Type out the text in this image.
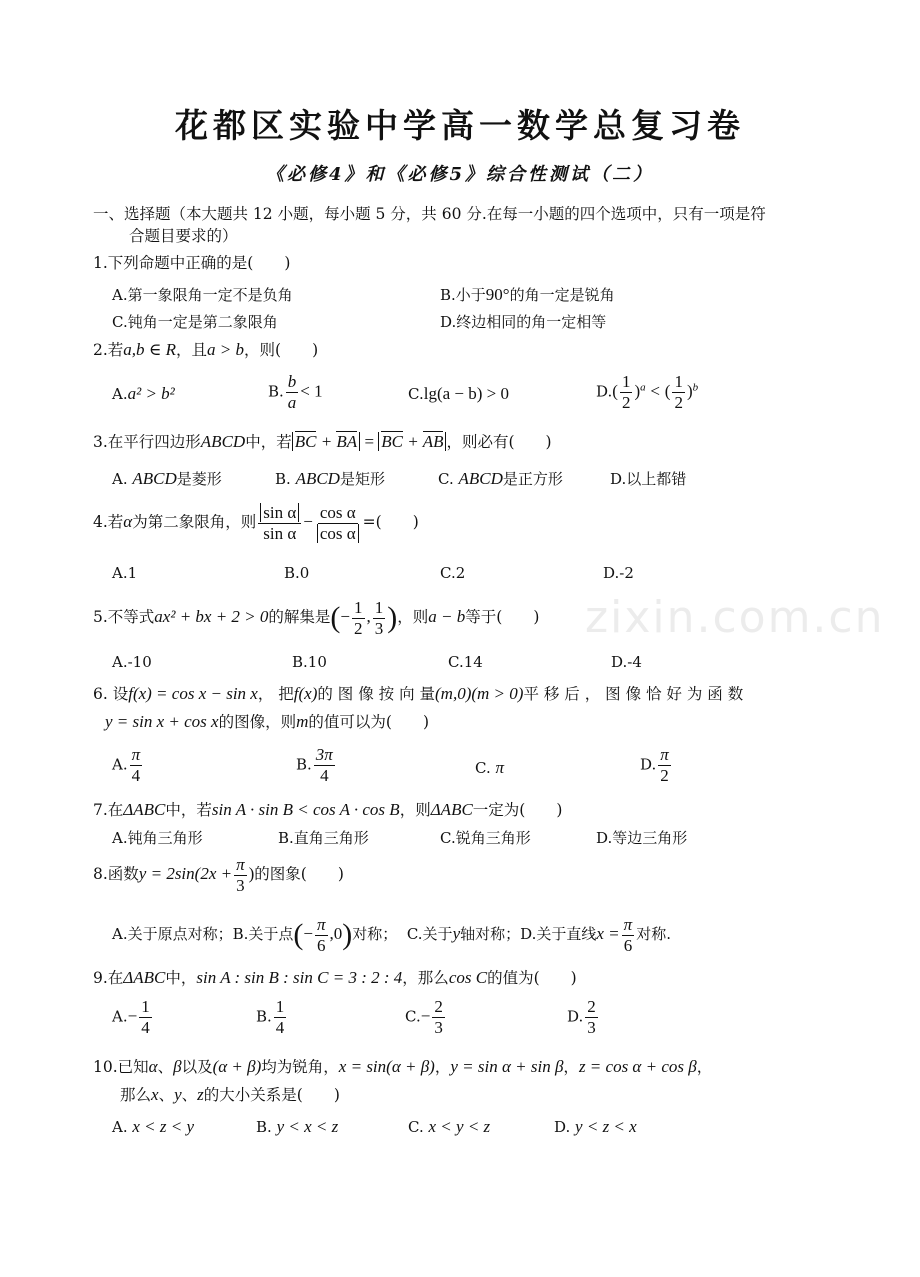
花都区实验中学高一数学总复习卷
《必修4》和《必修5》综合性测试（二）
zixin.com.cn
一、选择题（本大题共 12 小题，每小题 5 分，共 60 分.在每一小题的四个选项中，只有一项是符
合题目要求的）
1.下列命题中正确的是(　　)
A.第一象限角一定不是负角	B.小于90°的角一定是锐角
C.钝角一定是第二象限角	D.终边相同的角一定相等
2.若a,b ∈ R，且a > b，则(　　)
A.a² > b²	B. $\frac{b}{a} < 1$	C.lg(a − b) > 0	$D.( \frac{1}{2} )^a$ < ( $\frac{1}{2} )^b$
3.在平行四边形ABCD中，若 BC + BA = BC + AB ，则必有(　　)
A. ABCD是菱形	B. ABCD是矩形	C. ABCD是正方形	D.以上都错
4.若α为第二象限角，则 $\frac{\text{sin α}}{\text{sin α}} - \frac{\text{cos α}}{\text{cos α}}$ =(　　)
A.1	B.0	C.2	D.-2
5.不等式ax² + bx + 2 > 0的解集是(− $\frac{1}{2}$ , $\frac{1}{3}$ )，则a − b等于(　　)
A.-10	B.10	C.14	D.-4
6. 设f(x) = cos x − sin x， 把f(x)的 图 像 按 向 量(m,0)(m > 0)平 移 后 ， 图 像 恰 好 为 函 数
y = sin x + cos x的图像，则m的值可以为(　　)
A. $\frac{\pi}{4}$	B. $\frac{3\pi}{4}$	C. π	D. $\frac{\pi}{2}$
7.在ΔABC中，若sin A · sin B < cos A · cos B，则ΔABC一定为(　　)
A.钝角三角形	B.直角三角形	C.锐角三角形	D.等边三角形
8.函数$y = 2\sin(2x + \frac{\pi}{3}$ )的图象(　　)
A.关于原点对称；B.关于点(− $\frac{\pi}{6} ,0$)对称； C.关于y轴对称；D.关于直线$x = \frac{\pi}{6}$ 对称.
9.在ΔABC中，sin A : sin B : sin C = 3 : 2 : 4，那么cos C的值为(　　)
$A.- \frac{1}{4}$	B. $\frac{1}{4}$	$C.- \frac{2}{3}$	D. $\frac{2}{3}$
10.已知α、β以及(α + β)均为锐角，x = sin(α + β)，y = sin α + sin β，z = cos α + cos β，
那么x、y、z的大小关系是(　　)
A. x < z < y	B. y < x < z	C. x < y < z	D. y < z < x
